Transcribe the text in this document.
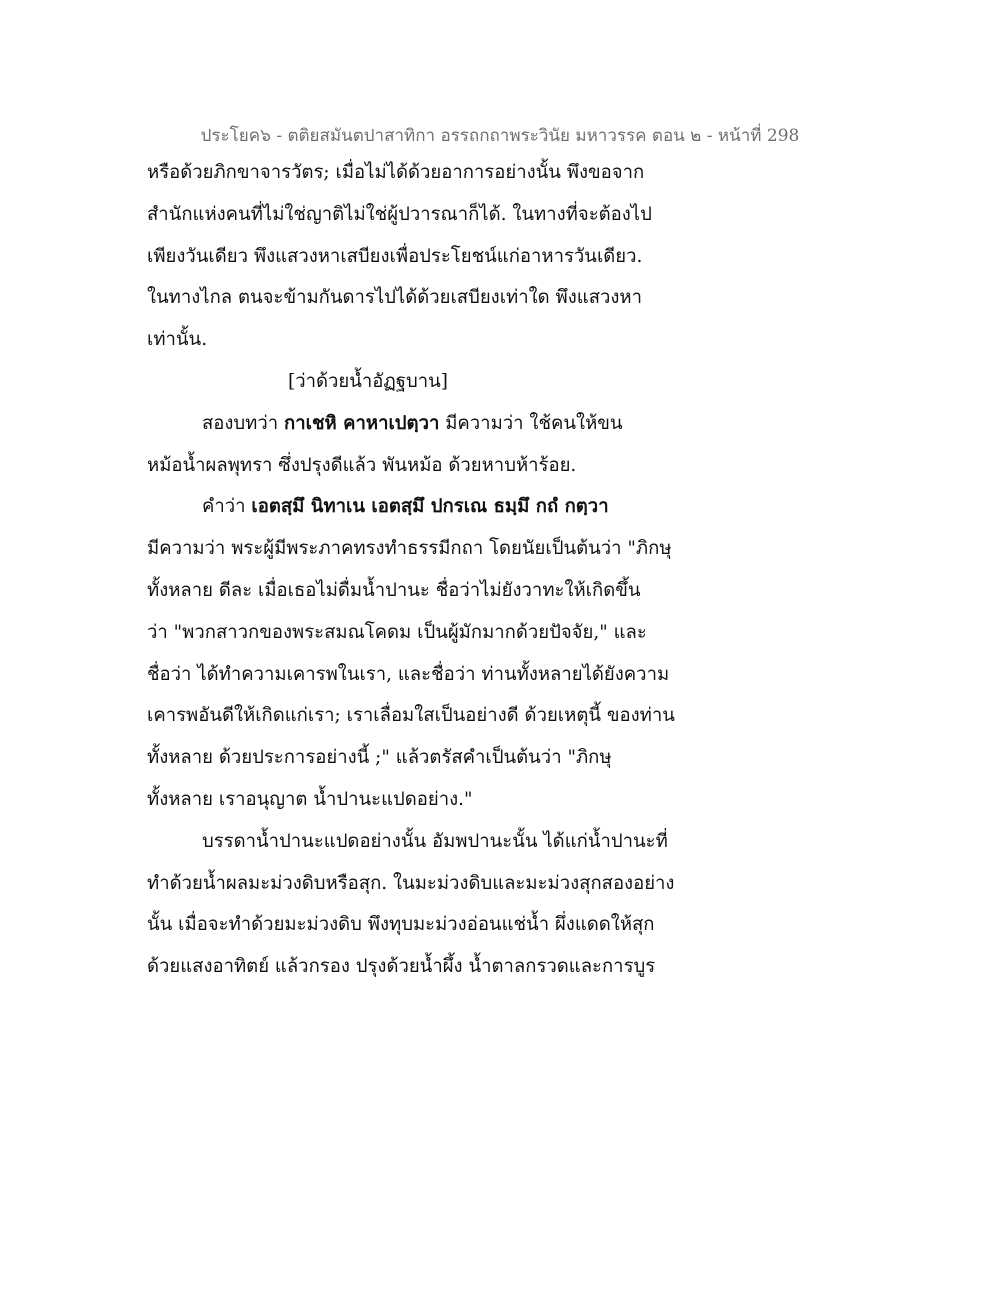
ประโยค๖ - ตติยสมันตปาสาทิกา อรรถกถาพระวินัย มหาวรรค ตอน ๒ - หน้าที่ 298
หรือด้วยภิกขาจารวัตร; เมื่อไม่ได้ด้วยอาการอย่างนั้น พึงขอจาก
สำนักแห่งคนที่ไม่ใช่ญาติไม่ใช่ผู้ปวารณาก็ได้. ในทางที่จะต้องไป
เพียงวันเดียว พึงแสวงหาเสบียงเพื่อประโยชน์แก่อาหารวันเดียว.
ในทางไกล ตนจะข้ามกันดารไปได้ด้วยเสบียงเท่าใด พึงแสวงหา
เท่านั้น.
[ว่าด้วยน้ำอัฏฐบาน]
สองบทว่า กาเชหิ คาหาเปตฺวา มีความว่า ใช้คนให้ขน
หม้อน้ำผลพุทรา ซึ่งปรุงดีแล้ว พันหม้อ ด้วยหาบห้าร้อย.
คำว่า เอตสฺมึ นิทาเน เอตสฺมึ ปกรเณ ธมฺมึ กถํ กตฺวา
มีความว่า พระผู้มีพระภาคทรงทำธรรมีกถา โดยนัยเป็นต้นว่า "ภิกษุ
ทั้งหลาย ดีละ เมื่อเธอไม่ดื่มน้ำปานะ ชื่อว่าไม่ยังวาทะให้เกิดขึ้น
ว่า "พวกสาวกของพระสมณโคดม เป็นผู้มักมากด้วยปัจจัย," และ
ชื่อว่า ได้ทำความเคารพในเรา, และชื่อว่า ท่านทั้งหลายได้ยังความ
เคารพอันดีให้เกิดแก่เรา; เราเลื่อมใสเป็นอย่างดี ด้วยเหตุนี้ ของท่าน
ทั้งหลาย ด้วยประการอย่างนี้ ;" แล้วตรัสคำเป็นต้นว่า "ภิกษุ
ทั้งหลาย เราอนุญาต น้ำปานะแปดอย่าง."
บรรดาน้ำปานะแปดอย่างนั้น อัมพปานะนั้น ได้แก่น้ำปานะที่
ทำด้วยน้ำผลมะม่วงดิบหรือสุก. ในมะม่วงดิบและมะม่วงสุกสองอย่าง
นั้น เมื่อจะทำด้วยมะม่วงดิบ พึงทุบมะม่วงอ่อนแช่น้ำ ผึ่งแดดให้สุก
ด้วยแสงอาทิตย์ แล้วกรอง ปรุงด้วยน้ำผึ้ง น้ำตาลกรวดและการบูร
